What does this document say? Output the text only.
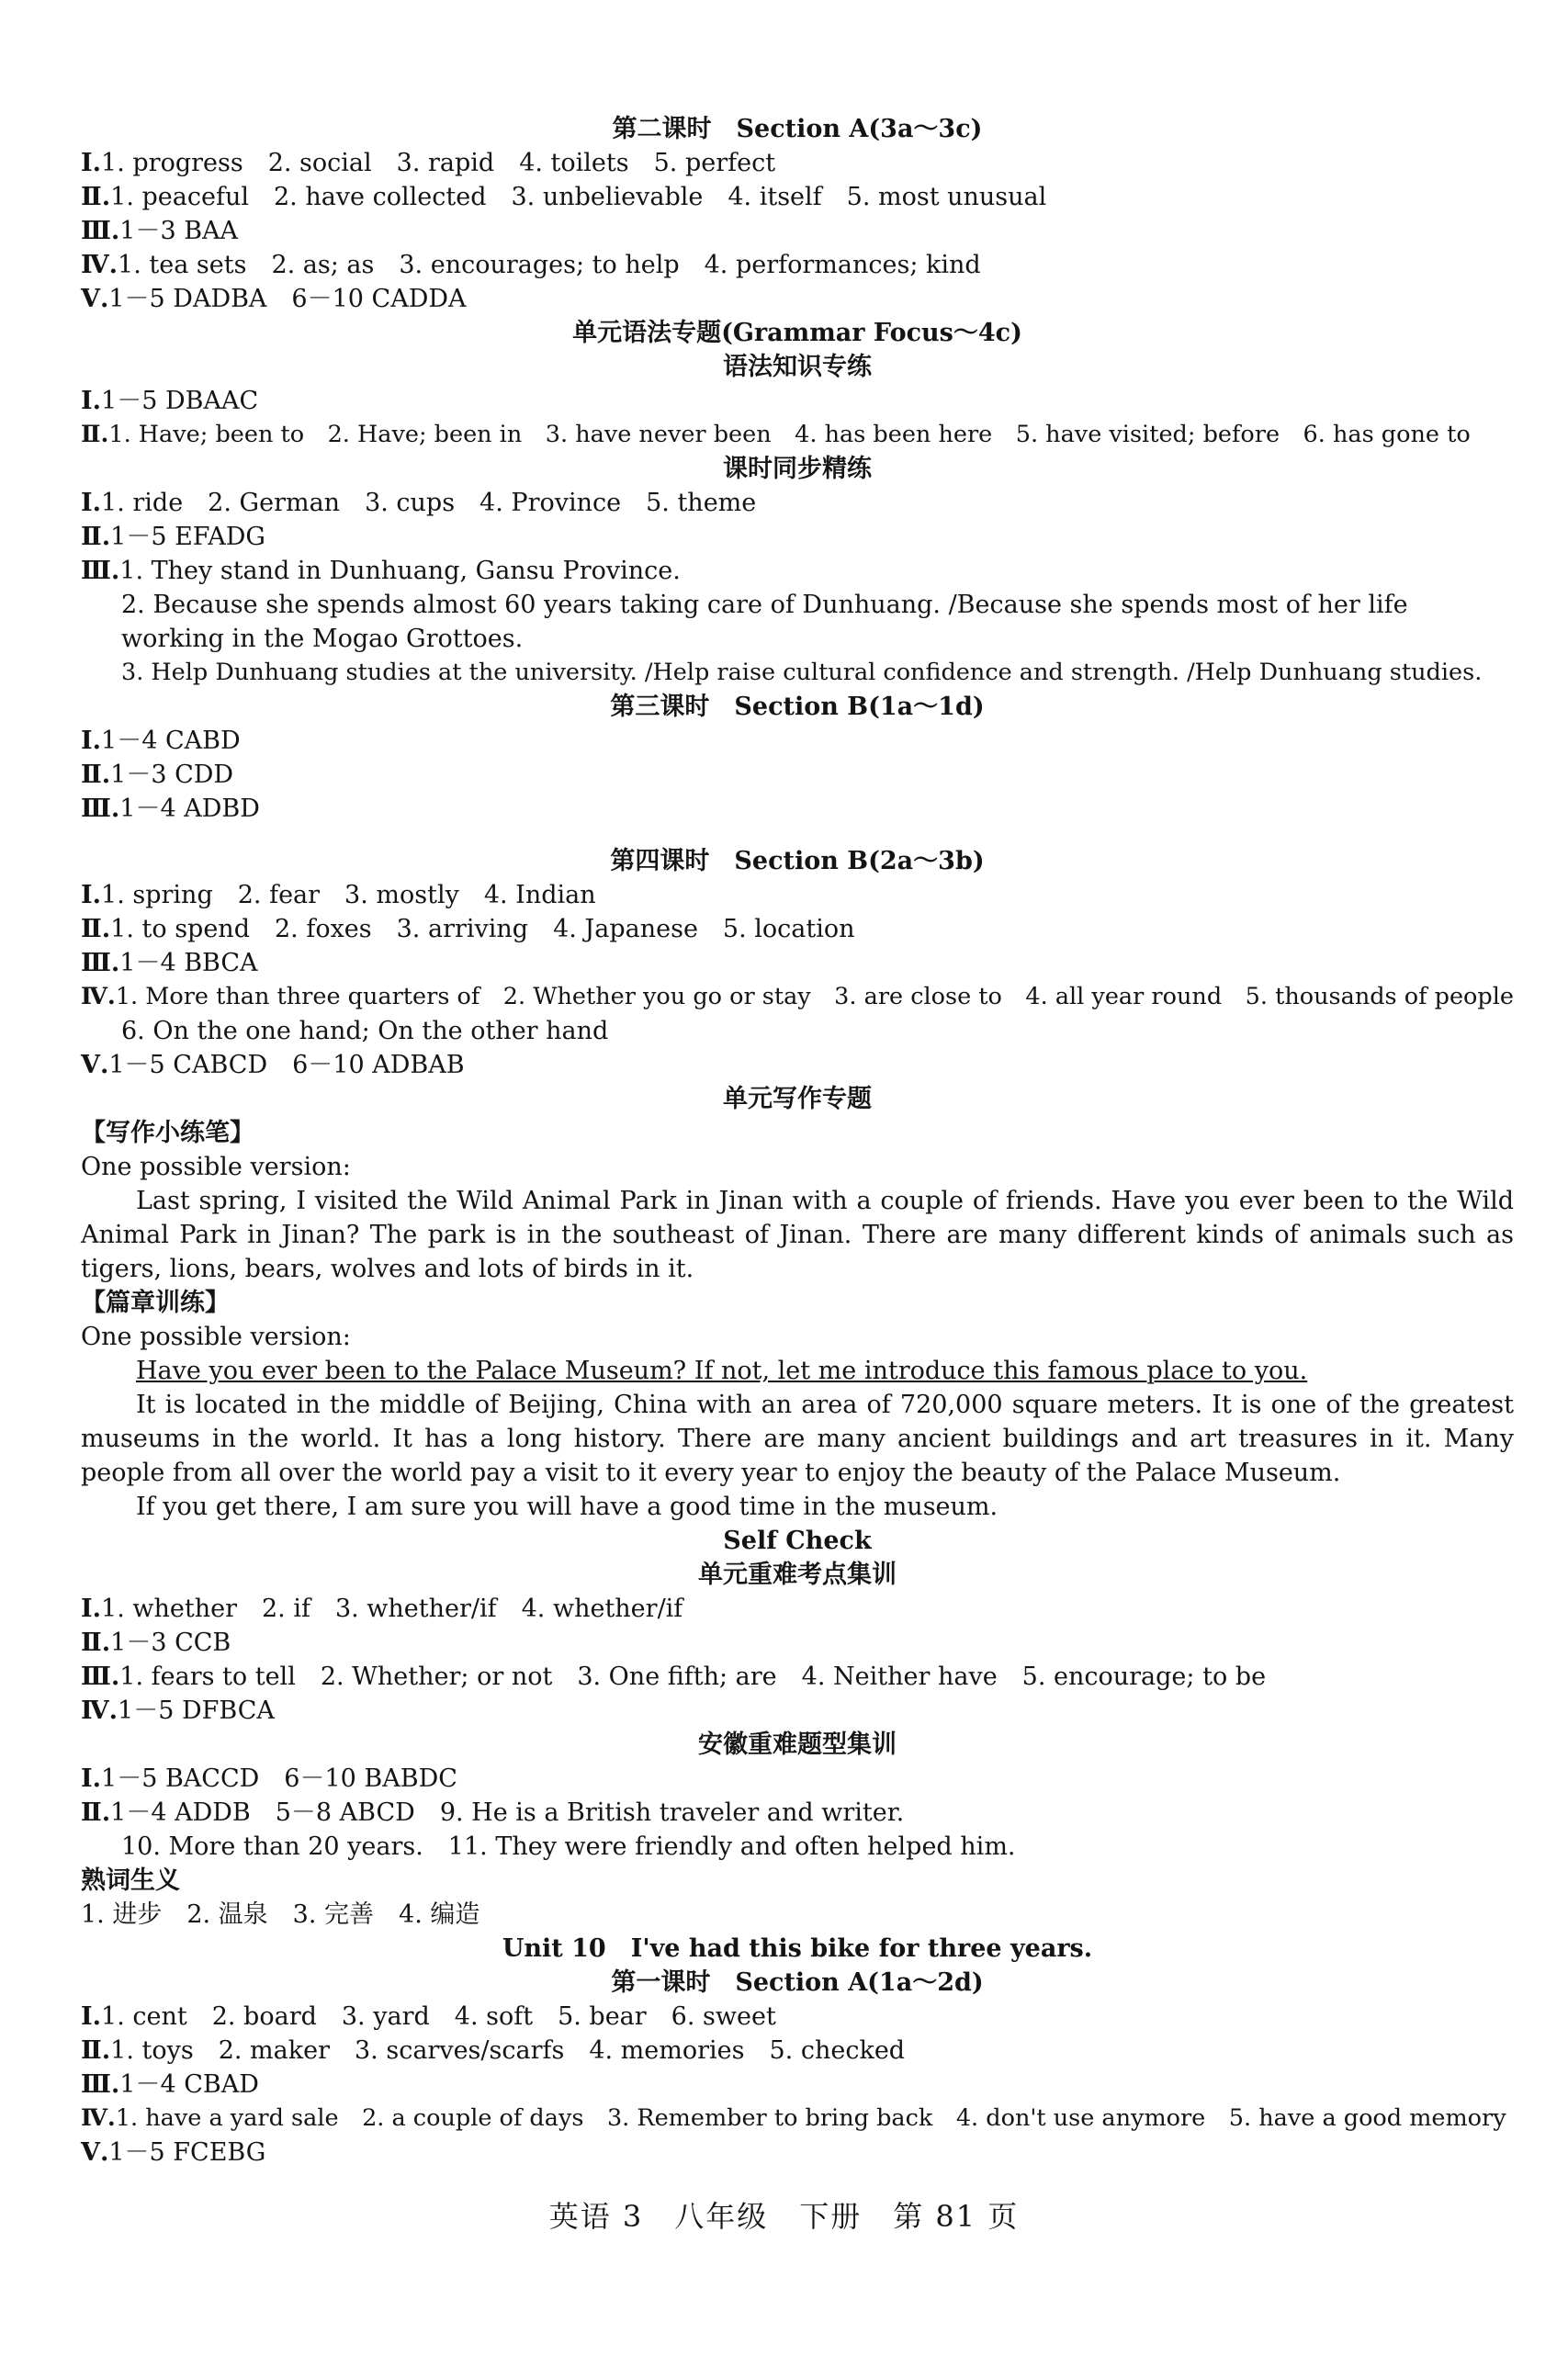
第二课时　Section A(3a～3c)
Ⅰ.1. progress　2. social　3. rapid　4. toilets　5. perfect
Ⅱ.1. peaceful　2. have collected　3. unbelievable　4. itself　5. most unusual
Ⅲ.1－3 BAA
Ⅳ.1. tea sets　2. as; as　3. encourages; to help　4. performances; kind
Ⅴ.1－5 DADBA　6－10 CADDA
单元语法专题(Grammar Focus～4c)
语法知识专练
Ⅰ.1－5 DBAAC
Ⅱ.1. Have; been to　2. Have; been in　3. have never been　4. has been here　5. have visited; before　6. has gone to
课时同步精练
Ⅰ.1. ride　2. German　3. cups　4. Province　5. theme
Ⅱ.1－5 EFADG
Ⅲ.1. They stand in Dunhuang, Gansu Province.
2. Because she spends almost 60 years taking care of Dunhuang. /Because she spends most of her life working in the Mogao Grottoes.
3. Help Dunhuang studies at the university. /Help raise cultural confidence and strength. /Help Dunhuang studies.
第三课时　Section B(1a～1d)
Ⅰ.1－4 CABD
Ⅱ.1－3 CDD
Ⅲ.1－4 ADBD
第四课时　Section B(2a～3b)
Ⅰ.1. spring　2. fear　3. mostly　4. Indian
Ⅱ.1. to spend　2. foxes　3. arriving　4. Japanese　5. location
Ⅲ.1－4 BBCA
Ⅳ.1. More than three quarters of　2. Whether you go or stay　3. are close to　4. all year round　5. thousands of people
6. On the one hand; On the other hand
Ⅴ.1－5 CABCD　6－10 ADBAB
单元写作专题
【写作小练笔】
One possible version:
Last spring, I visited the Wild Animal Park in Jinan with a couple of friends. Have you ever been to the Wild Animal Park in Jinan? The park is in the southeast of Jinan. There are many different kinds of animals such as tigers, lions, bears, wolves and lots of birds in it.
【篇章训练】
One possible version:
Have you ever been to the Palace Museum? If not, let me introduce this famous place to you.
It is located in the middle of Beijing, China with an area of 720,000 square meters. It is one of the greatest museums in the world. It has a long history. There are many ancient buildings and art treasures in it. Many people from all over the world pay a visit to it every year to enjoy the beauty of the Palace Museum.
If you get there, I am sure you will have a good time in the museum.
Self Check
单元重难考点集训
Ⅰ.1. whether　2. if　3. whether/if　4. whether/if
Ⅱ.1－3 CCB
Ⅲ.1. fears to tell　2. Whether; or not　3. One fifth; are　4. Neither have　5. encourage; to be
Ⅳ.1－5 DFBCA
安徽重难题型集训
Ⅰ.1－5 BACCD　6－10 BABDC
Ⅱ.1－4 ADDB　5－8 ABCD　9. He is a British traveler and writer.
10. More than 20 years.　11. They were friendly and often helped him.
熟词生义
1. 进步　2. 温泉　3. 完善　4. 编造
Unit 10　I've had this bike for three years.
第一课时　Section A(1a～2d)
Ⅰ.1. cent　2. board　3. yard　4. soft　5. bear　6. sweet
Ⅱ.1. toys　2. maker　3. scarves/scarfs　4. memories　5. checked
Ⅲ.1－4 CBAD
Ⅳ.1. have a yard sale　2. a couple of days　3. Remember to bring back　4. don't use anymore　5. have a good memory
Ⅴ.1－5 FCEBG
英语 3　八年级　下册　第 81 页
